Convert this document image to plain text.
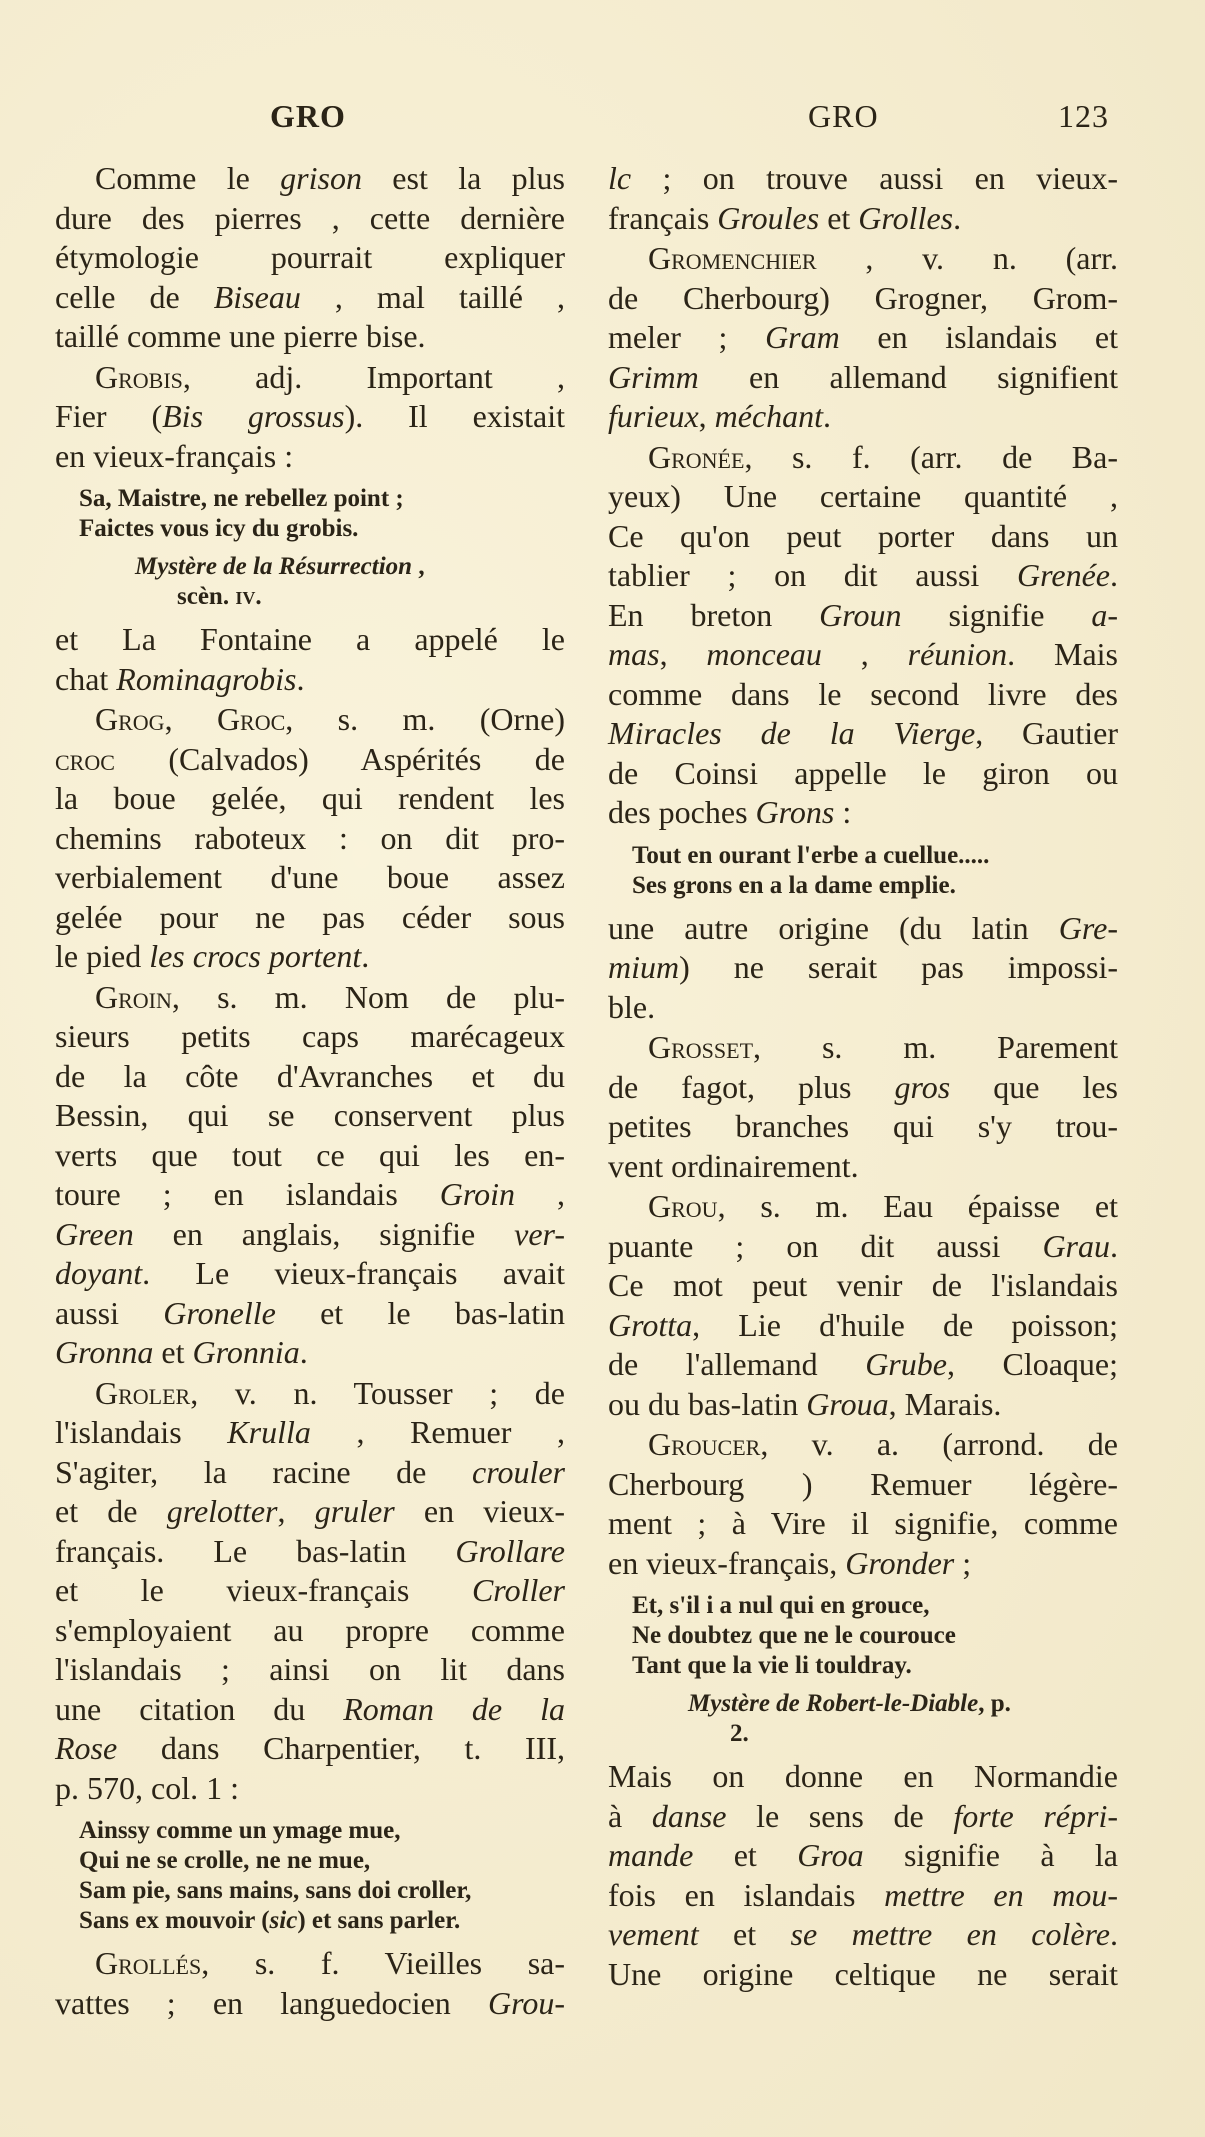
GRO	GRO	123
Comme le grison est la plus
dure des pierres , cette dernière
étymologie pourrait expliquer
celle de Biseau , mal taillé ,
taillé comme une pierre bise.
Grobis, adj. Important ,
Fier (Bis grossus). Il existait
en vieux-français :
Sa, Maistre, ne rebellez point ;
Faictes vous icy du grobis.
Mystère de la Résurrection ,
scèn. iv.
et La Fontaine a appelé le
chat Rominagrobis.
Grog, Groc, s. m. (Orne)
croc (Calvados) Aspérités de
la boue gelée, qui rendent les
chemins raboteux : on dit pro-
verbialement d'une boue assez
gelée pour ne pas céder sous
le pied les crocs portent.
Groin, s. m. Nom de plu-
sieurs petits caps marécageux
de la côte d'Avranches et du
Bessin, qui se conservent plus
verts que tout ce qui les en-
toure ; en islandais Groin ,
Green en anglais, signifie ver-
doyant. Le vieux-français avait
aussi Gronelle et le bas-latin
Gronna et Gronnia.
Groler, v. n. Tousser ; de
l'islandais Krulla , Remuer ,
S'agiter, la racine de crouler
et de grelotter, gruler en vieux-
français. Le bas-latin Grollare
et le vieux-français Croller
s'employaient au propre comme
l'islandais ; ainsi on lit dans
une citation du Roman de la
Rose dans Charpentier, t. III,
p. 570, col. 1 :
Ainssy comme un ymage mue,
Qui ne se crolle, ne ne mue,
Sam pie, sans mains, sans doi croller,
Sans ex mouvoir (sic) et sans parler.
Grollés, s. f. Vieilles sa-
vattes ; en languedocien Grou-
lc ; on trouve aussi en vieux-
français Groules et Grolles.
Gromenchier , v. n. (arr.
de Cherbourg) Grogner, Grom-
meler ; Gram en islandais et
Grimm en allemand signifient
furieux, méchant.
Gronée, s. f. (arr. de Ba-
yeux) Une certaine quantité ,
Ce qu'on peut porter dans un
tablier ; on dit aussi Grenée.
En breton Groun signifie a-
mas, monceau , réunion. Mais
comme dans le second livre des
Miracles de la Vierge, Gautier
de Coinsi appelle le giron ou
des poches Grons :
Tout en ourant l'erbe a cuellue.....
Ses grons en a la dame emplie.
une autre origine (du latin Gre-
mium) ne serait pas impossi-
ble.
Grosset, s. m. Parement
de fagot, plus gros que les
petites branches qui s'y trou-
vent ordinairement.
Grou, s. m. Eau épaisse et
puante ; on dit aussi Grau.
Ce mot peut venir de l'islandais
Grotta, Lie d'huile de poisson;
de l'allemand Grube, Cloaque;
ou du bas-latin Groua, Marais.
Groucer, v. a. (arrond. de
Cherbourg ) Remuer légère-
ment ; à Vire il signifie, comme
en vieux-français, Gronder ;
Et, s'il i a nul qui en grouce,
Ne doubtez que ne le courouce
Tant que la vie li touldray.
Mystère de Robert-le-Diable, p.
2.
Mais on donne en Normandie
à danse le sens de forte répri-
mande et Groa signifie à la
fois en islandais mettre en mou-
vement et se mettre en colère.
Une origine celtique ne serait
